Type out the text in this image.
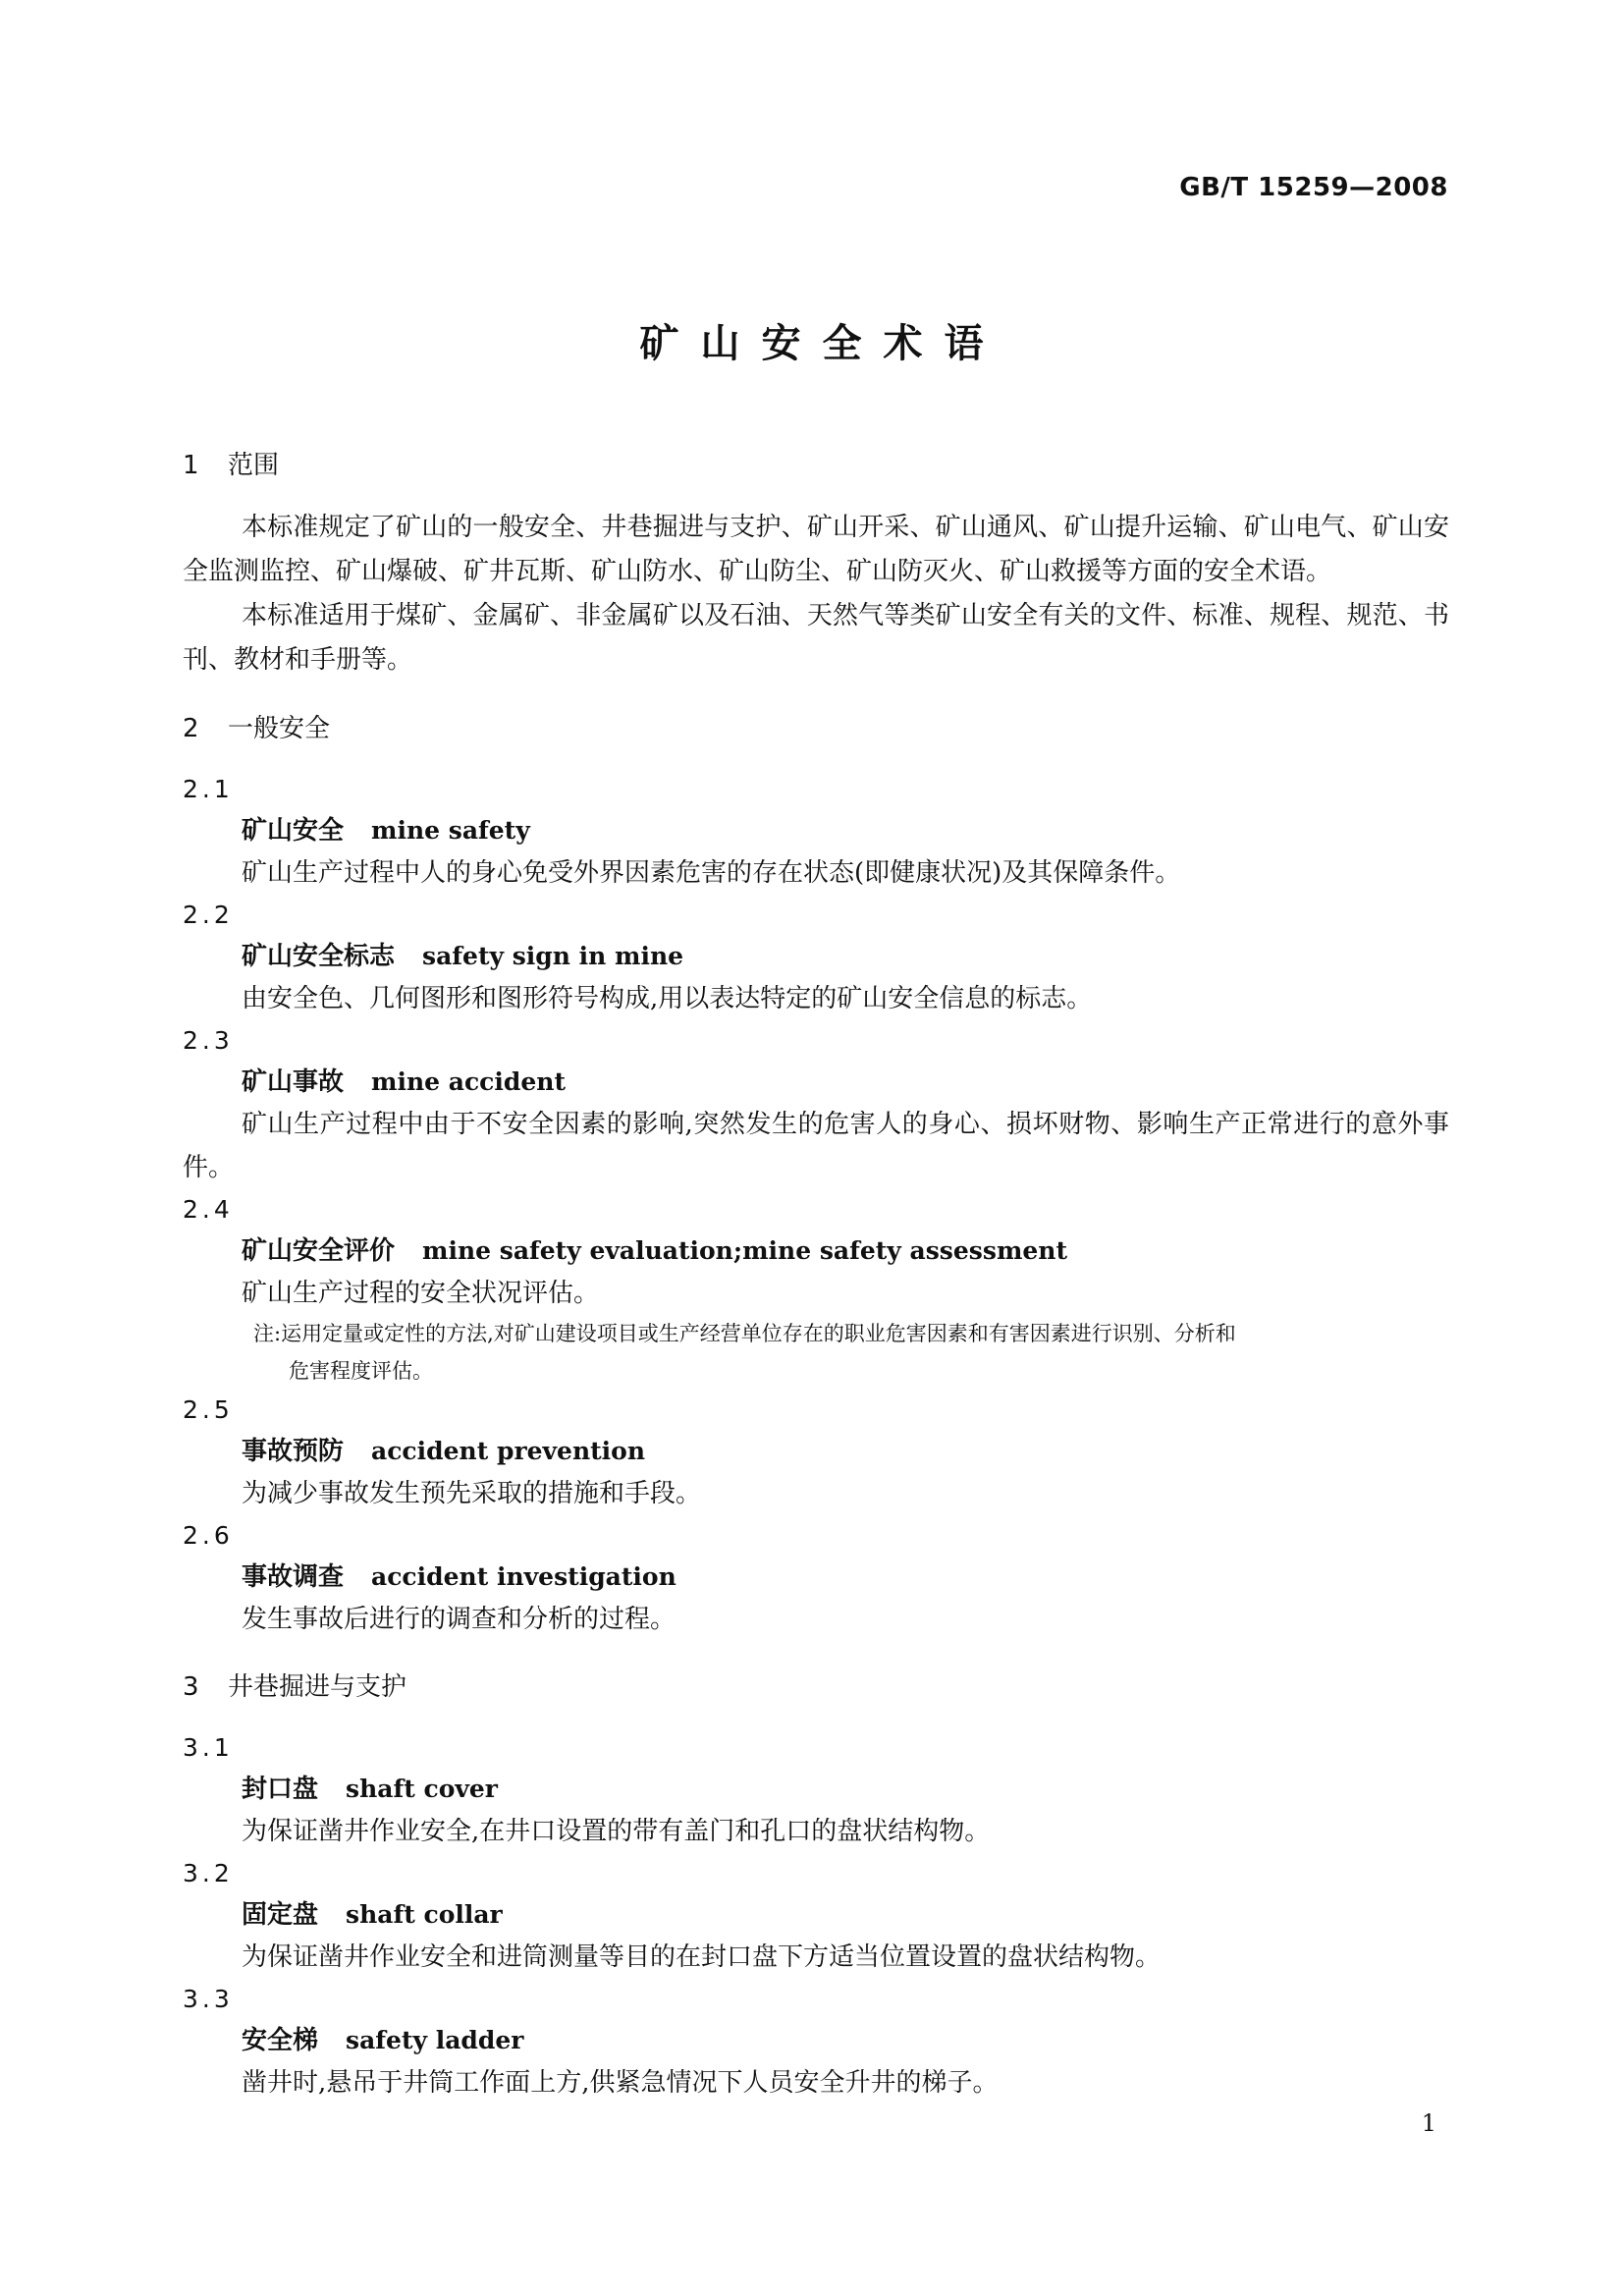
GB/T 15259—2008
矿山安全术语
1 范围
本标准规定了矿山的一般安全、井巷掘进与支护、矿山开采、矿山通风、矿山提升运输、矿山电气、矿山安全监测监控、矿山爆破、矿井瓦斯、矿山防水、矿山防尘、矿山防灭火、矿山救援等方面的安全术语。
本标准适用于煤矿、金属矿、非金属矿以及石油、天然气等类矿山安全有关的文件、标准、规程、规范、书刊、教材和手册等。
2 一般安全
2.1
矿山安全 mine safety
矿山生产过程中人的身心免受外界因素危害的存在状态(即健康状况)及其保障条件。
2.2
矿山安全标志 safety sign in mine
由安全色、几何图形和图形符号构成,用以表达特定的矿山安全信息的标志。
2.3
矿山事故 mine accident
矿山生产过程中由于不安全因素的影响,突然发生的危害人的身心、损坏财物、影响生产正常进行的意外事件。
2.4
矿山安全评价 mine safety evaluation;mine safety assessment
矿山生产过程的安全状况评估。
注:运用定量或定性的方法,对矿山建设项目或生产经营单位存在的职业危害因素和有害因素进行识别、分析和
危害程度评估。
2.5
事故预防 accident prevention
为减少事故发生预先采取的措施和手段。
2.6
事故调查 accident investigation
发生事故后进行的调查和分析的过程。
3 井巷掘进与支护
3.1
封口盘 shaft cover
为保证凿井作业安全,在井口设置的带有盖门和孔口的盘状结构物。
3.2
固定盘 shaft collar
为保证凿井作业安全和进筒测量等目的在封口盘下方适当位置设置的盘状结构物。
3.3
安全梯 safety ladder
凿井时,悬吊于井筒工作面上方,供紧急情况下人员安全升井的梯子。
1
